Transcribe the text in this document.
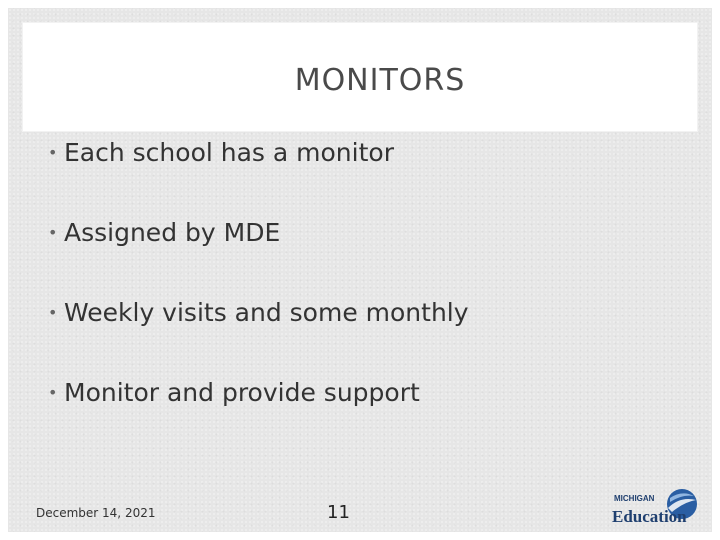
MONITORS
• Each school has a monitor
• Assigned by MDE
• Weekly visits and some monthly
• Monitor and provide support
December 14, 2021	11
MICHIGAN
Education
